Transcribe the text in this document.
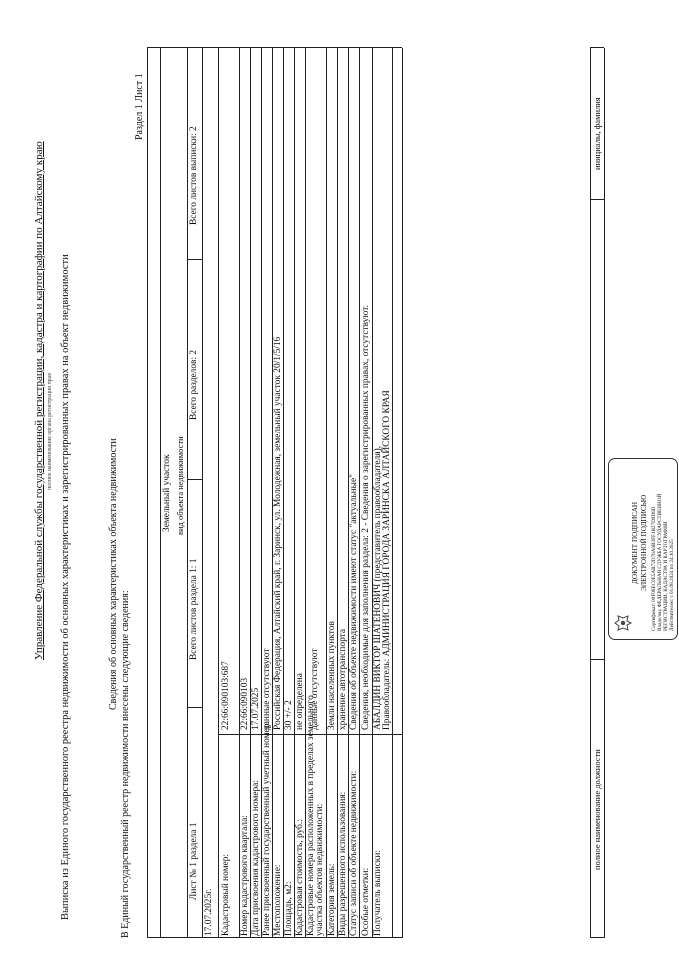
Управление Федеральной службы государственной регистрации, кадастра и картографии по Алтайскому краю полное наименование органа регистрации прав Выписка из Единого государственного реестра недвижимости об основных характеристиках и зарегистрированных правах на объект недвижимости	Сведения об основных характеристиках объекта недвижимости
В Единый государственный реестр недвижимости внесены следующие сведения:
Раздел 1 Лист 1
Земельный участок вид объекта недвижимости
Лист № 1 раздела 1
Всего листов раздела 1: 1
Всего разделов: 2
Всего листов выписки: 2
17.07.2025г. Кадастровый номер:
22:66:090103:687
Номер кадастрового квартала:
22:66:090103
Дата присвоения кадастрового номера:
17.07.2025
Ранее присвоенный государственный учетный номер:
данные отсутствуют
Местоположение:
Российская Федерация, Алтайский край, г. Заринск, ул. Молодежная, земельный участок 20/1/5/16
Площадь, м2:
30 +/- 2
Кадастровая стоимость, руб.:
не определена Кадастровые номера расположенных в пределах земельного участка объектов недвижимости:
данные отсутствуют
Категория земель:
Земли населенных пунктов
Виды разрешенного использования:
хранение автотранспорта
Статус записи об объекте недвижимости:
Сведения об объекте недвижимости имеют статус "актуальные"
Особые отметки:
Сведения, необходимые для заполнения раздела: 2 - Сведения о зарегистрированных правах, отсутствуют.
Получатель выписки:
АБАЛДИН ВИКТОР ШАТЕНОВИЧ (представитель правообладателя), Правообладатель: АДМИНИСТРАЦИЯ ГОРОДА ЗАРИНСКА АЛТАЙСКОГО КРАЯ
полное наименование должности
инициалы, фамилия
ДОКУМЕНТ ПОДПИСАН ЭЛЕКТРОННОЙ ПОДПИСЬЮ Сертификат: 00F08EC0E5AB72D76A0B3FF1B27D9D8D Владелец: ФЕДЕРАЛЬНАЯ СЛУЖБА ГОСУДАРСТВЕННОЙ РЕГИСТРАЦИИ, КАДАСТРА И КАРТОГРАФИИ Действителен: с 01.08.2024 по 24.10.2025
